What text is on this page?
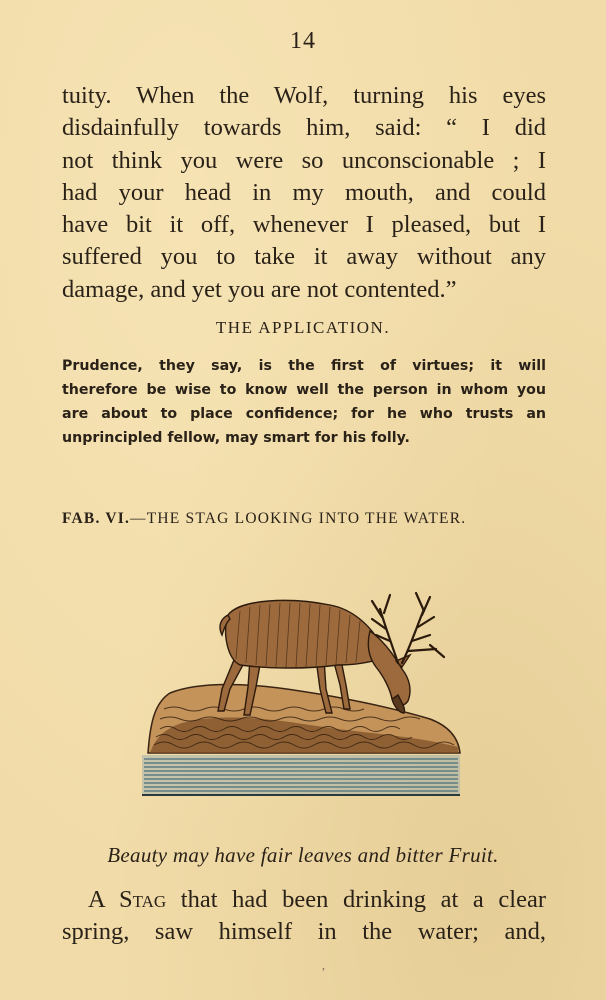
14
tuity. When the Wolf, turning his eyes
disdainfully towards him, said: “ I did
not think you were so unconscionable ; I
had your head in my mouth, and could
have bit it off, whenever I pleased, but I
suffered you to take it away without any
damage, and yet you are not contented.”
THE APPLICATION.
Prudence, they say, is the first of virtues; it will
therefore be wise to know well the person in whom you
are about to place confidence; for he who trusts an
unprincipled fellow, may smart for his folly.
FAB. VI.—THE STAG LOOKING INTO THE WATER.
Beauty may have fair leaves and bitter Fruit.
A Stag that had been drinking at a clear
spring, saw himself in the water; and,
,
